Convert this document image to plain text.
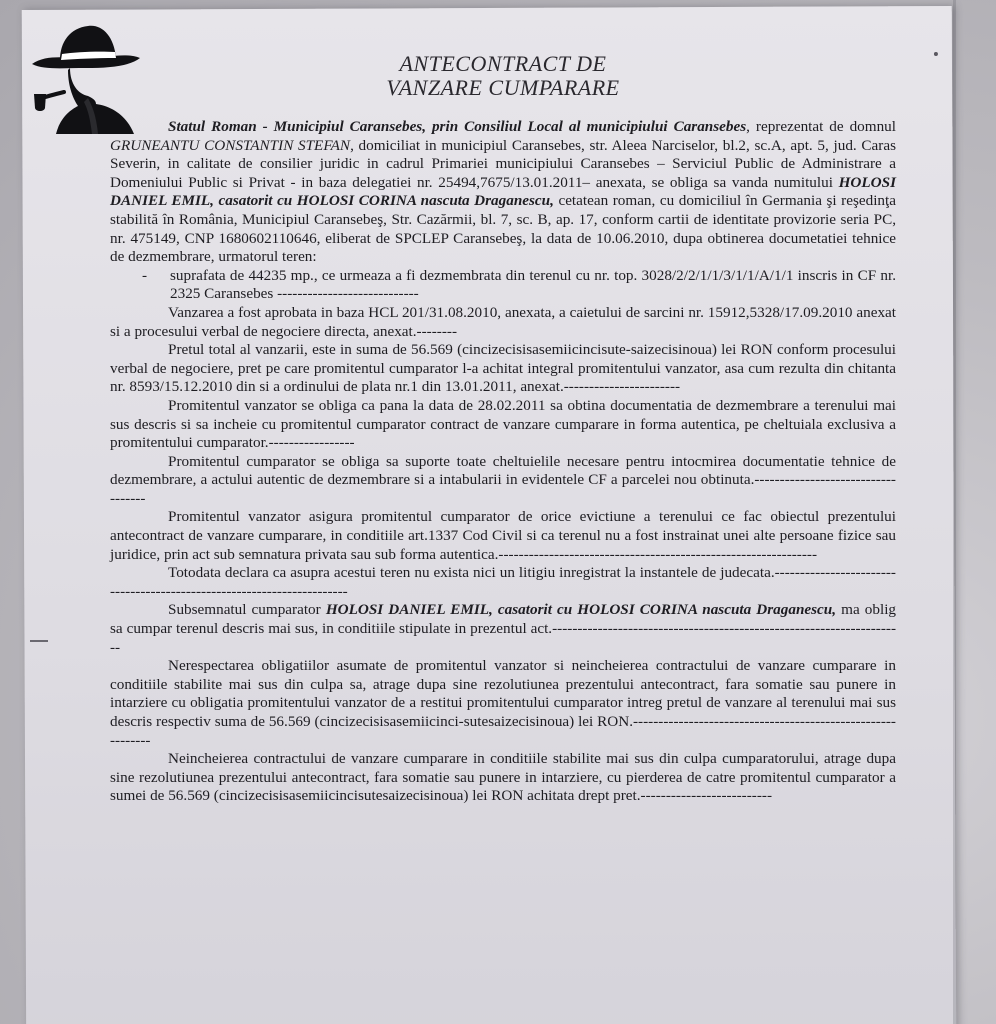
ANTECONTRACT DE
VANZARE CUMPARARE

Statul Roman - Municipiul Caransebes, prin Consiliul Local al municipiului Caransebes, reprezentat de domnul GRUNEANTU CONSTANTIN STEFAN, domiciliat in municipiul Caransebes, str. Aleea Narciselor, bl.2, sc.A, apt. 5, jud. Caras Severin, in calitate de consilier juridic in cadrul Primariei municipiului Caransebes – Serviciul Public de Administrare a Domeniului Public si Privat - in baza delegatiei nr. 25494,7675/13.01.2011– anexata, se obliga sa vanda numitului HOLOSI DANIEL EMIL, casatorit cu HOLOSI CORINA nascuta Draganescu, cetatean roman, cu domiciliul în Germania şi reşedinţa stabilită în România, Municipiul Caransebeş, Str. Cazărmii, bl. 7, sc. B, ap. 17, conform cartii de identitate provizorie seria PC, nr. 475149, CNP 1680602110646, eliberat de SPCLEP Caransebeş, la data de 10.06.2010, dupa obtinerea documetatiei tehnice de dezmembrare, urmatorul teren:

- suprafata de 44235 mp., ce urmeaza a fi dezmembrata din terenul cu nr. top. 3028/2/2/1/1/3/1/1/A/1/1 inscris in CF nr. 2325 Caransebes ----------------------------

Vanzarea a fost aprobata in baza HCL 201/31.08.2010, anexata, a caietului de sarcini nr. 15912,5328/17.09.2010 anexat si a procesului verbal de negociere directa, anexat.--------

Pretul total al vanzarii, este in suma de 56.569 (cincizecisisasemiicincisute-saizecisinoua) lei RON conform procesului verbal de negociere, pret pe care promitentul cumparator l-a achitat integral promitentului vanzator, asa cum rezulta din chitanta nr. 8593/15.12.2010 din si a ordinului de plata nr.1 din 13.01.2011, anexat.-----------------------

Promitentul vanzator se obliga ca pana la data de 28.02.2011 sa obtina documentatia de dezmembrare a terenului mai sus descris si sa incheie cu promitentul cumparator contract de vanzare cumparare in forma autentica, pe cheltuiala exclusiva a promitentului cumparator.-----------------

Promitentul cumparator se obliga sa suporte toate cheltuielile necesare pentru intocmirea documentatie tehnice de dezmembrare, a actului autentic de dezmembrare si a intabularii in evidentele CF a parcelei nou obtinuta.-----------------------------------

Promitentul vanzator asigura promitentul cumparator de orice evictiune a terenului ce fac obiectul prezentului antecontract de vanzare cumparare, in conditiile art.1337 Cod Civil si ca terenul nu a fost instrainat unei alte persoane fizice sau juridice, prin act sub semnatura privata sau sub forma autentica.---------------------------------------------------------------

Totodata declara ca asupra acestui teren nu exista nici un litigiu inregistrat la instantele de judecata.-----------------------------------------------------------------------

Subsemnatul cumparator HOLOSI DANIEL EMIL, casatorit cu HOLOSI CORINA nascuta Draganescu, ma oblig sa cumpar terenul descris mai sus, in conditiile stipulate in prezentul act.----------------------------------------------------------------------

Nerespectarea obligatiilor asumate de promitentul vanzator si neincheierea contractului de vanzare cumparare in conditiile stabilite mai sus din culpa sa, atrage dupa sine rezolutiunea prezentului antecontract, fara somatie sau punere in intarziere cu obligatia promitentului vanzator de a restitui promitentului cumparator intreg pretul de vanzare al terenului mai sus descris respectiv suma de 56.569 (cincizecisisasemiicinci-sutesaizecisinoua) lei RON.------------------------------------------------------------

Neincheierea contractului de vanzare cumparare in conditiile stabilite mai sus din culpa cumparatorului, atrage dupa sine rezolutiunea prezentului antecontract, fara somatie sau punere in intarziere, cu pierderea de catre promitentul cumparator a sumei de 56.569 (cincizecisisasemiicincisutesaizecisinoua) lei RON achitata drept pret.--------------------------
